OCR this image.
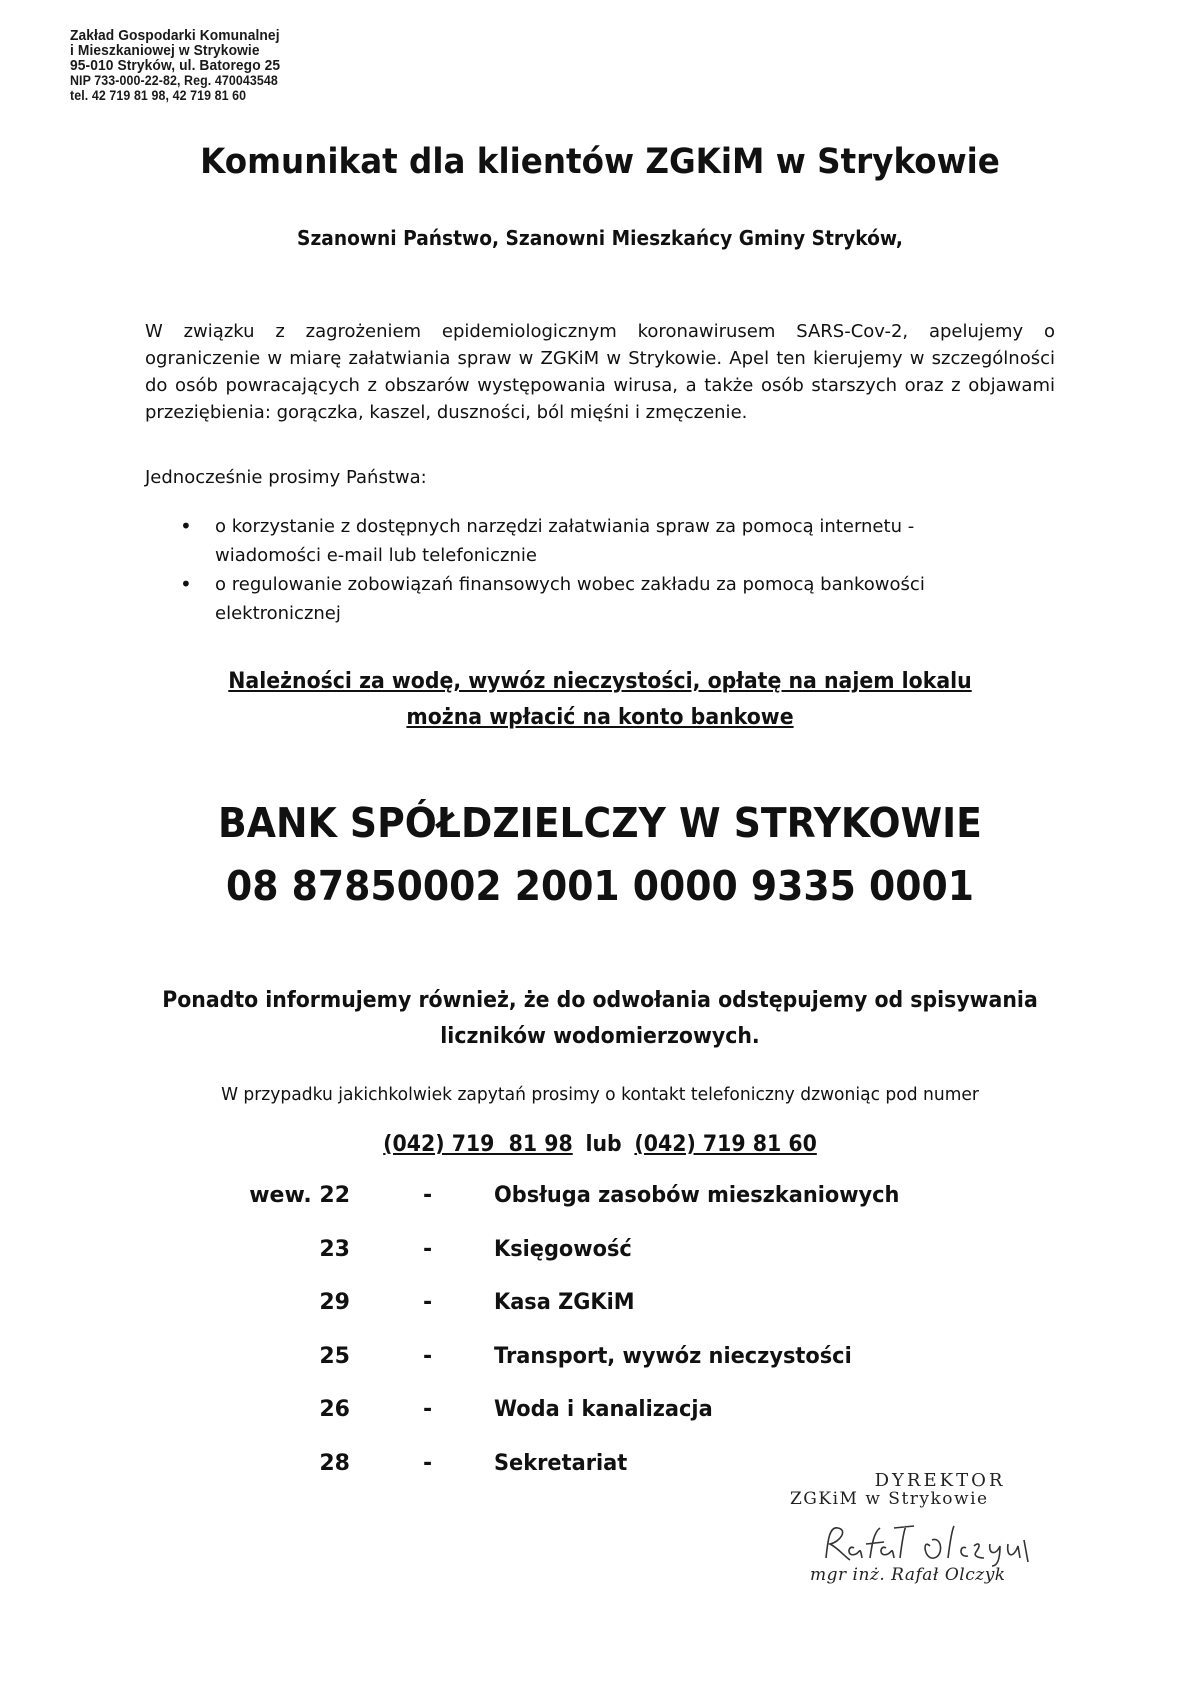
Zakład Gospodarki Komunalnej
i Mieszkaniowej w Strykowie
95-010 Stryków, ul. Batorego 25
NIP 733-000-22-82, Reg. 470043548
tel. 42 719 81 98, 42 719 81 60
Komunikat dla klientów ZGKiM w Strykowie
Szanowni Państwo, Szanowni Mieszkańcy Gminy Stryków,
W związku z zagrożeniem epidemiologicznym koronawirusem SARS-Cov-2, apelujemy o ograniczenie w miarę załatwiania spraw w ZGKiM w Strykowie. Apel ten kierujemy w szczególności do osób powracających z obszarów występowania wirusa, a także osób starszych oraz z objawami przeziębienia: gorączka, kaszel, duszności, ból mięśni i zmęczenie.
Jednocześnie prosimy Państwa:
• o korzystanie z dostępnych narzędzi załatwiania spraw za pomocą internetu - wiadomości e-mail lub telefonicznie
• o regulowanie zobowiązań finansowych wobec zakładu za pomocą bankowości elektronicznej
Należności za wodę, wywóz nieczystości, opłatę na najem lokalu
można wpłacić na konto bankowe
BANK SPÓŁDZIELCZY W STRYKOWIE
08 87850002 2001 0000 9335 0001
Ponadto informujemy również, że do odwołania odstępujemy od spisywania
liczników wodomierzowych.
W przypadku jakichkolwiek zapytań prosimy o kontakt telefoniczny dzwoniąc pod numer
(042) 719  81 98 lub (042) 719 81 60
wew. 22	-	Obsługa zasobów mieszkaniowych
23	-	Księgowość
29	-	Kasa ZGKiM
25	-	Transport, wywóz nieczystości
26	-	Woda i kanalizacja
28	-	Sekretariat
DYREKTOR
ZGKiM w Strykowie
mgr inż. Rafał Olczyk
